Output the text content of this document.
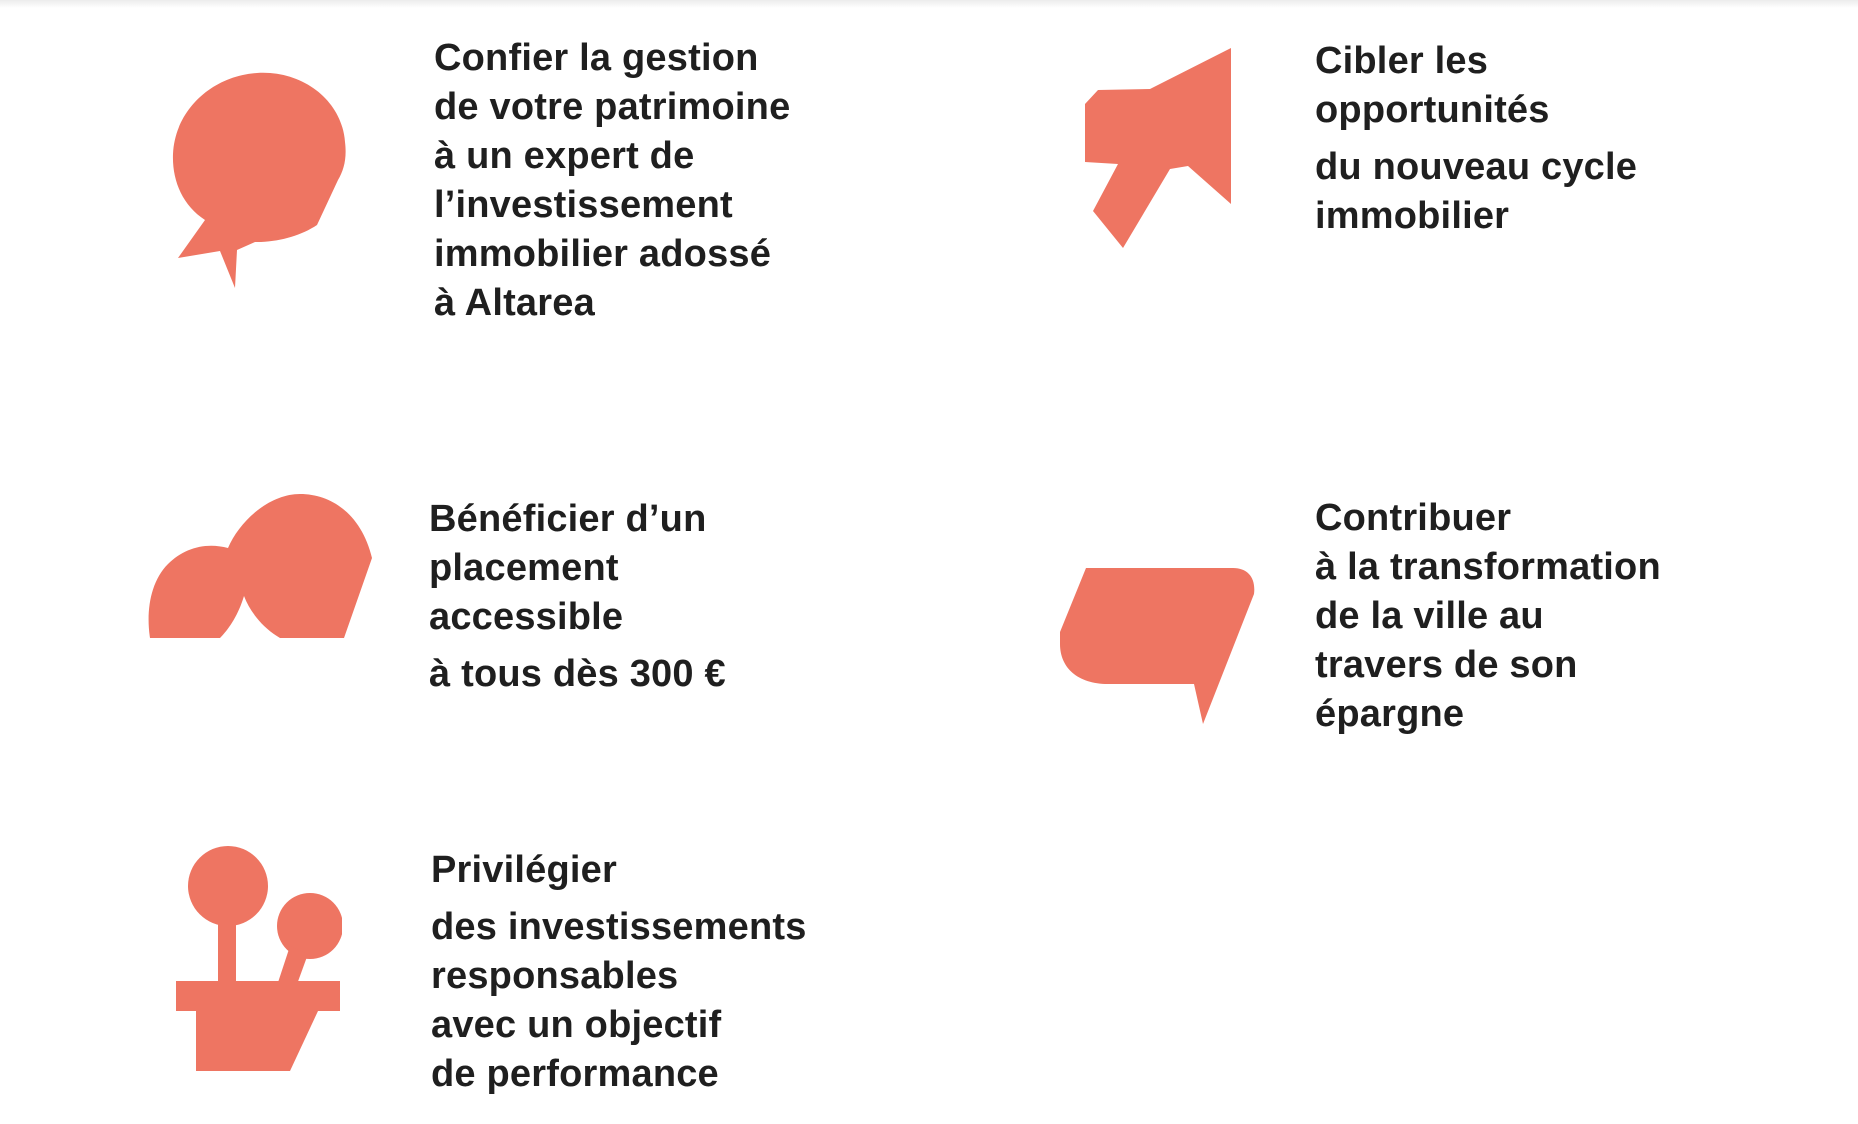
Confier la gestion
de votre patrimoine
à un expert de
l’investissement
immobilier adossé
à Altarea
Cibler les
opportunités
du nouveau cycle
immobilier
Bénéficier d’un
placement
accessible
à tous dès 300 €
Contribuer
à la transformation
de la ville au
travers de son
épargne
Privilégier
des investissements
responsables
avec un objectif
de performance
